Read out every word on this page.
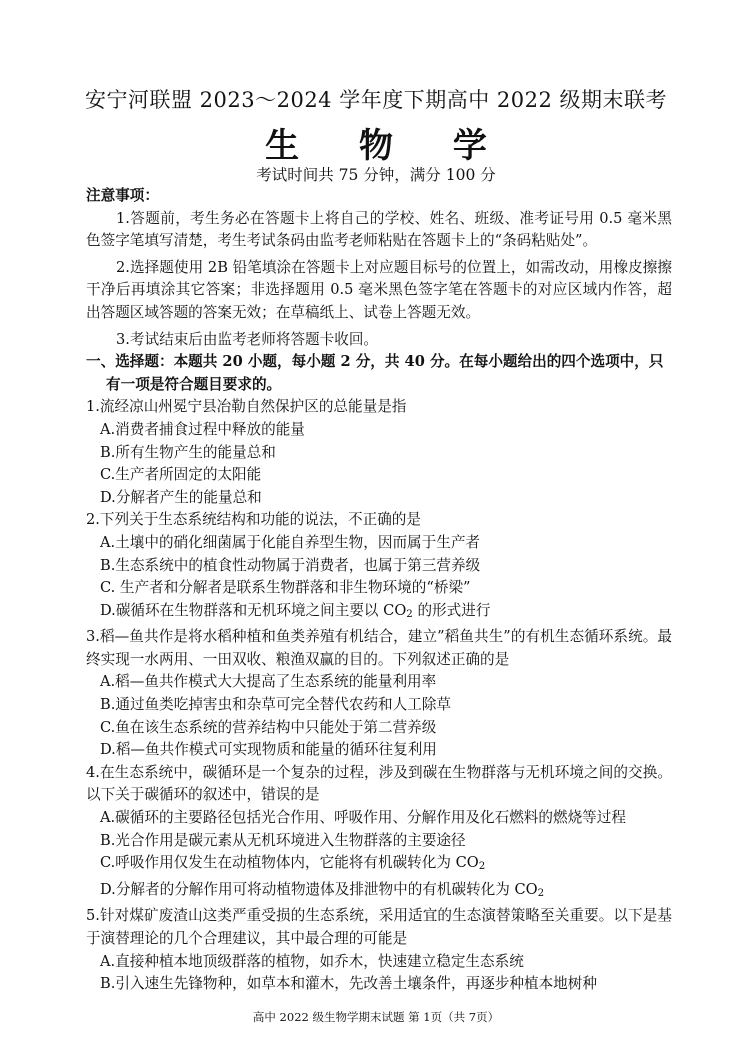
安宁河联盟 2023～2024 学年度下期高中 2022 级期末联考
生 物 学
考试时间共 75 分钟，满分 100 分
注意事项：
1.答题前，考生务必在答题卡上将自己的学校、姓名、班级、准考证号用 0.5 毫米黑色签字笔填写清楚，考生考试条码由监考老师粘贴在答题卡上的“条码粘贴处”。
2.选择题使用 2B 铅笔填涂在答题卡上对应题目标号的位置上，如需改动，用橡皮擦擦干净后再填涂其它答案；非选择题用 0.5 毫米黑色签字笔在答题卡的对应区域内作答，超出答题区域答题的答案无效；在草稿纸上、试卷上答题无效。
3.考试结束后由监考老师将答题卡收回。
一、选择题：本题共 20 小题，每小题 2 分，共 40 分。在每小题给出的四个选项中，只有一项是符合题目要求的。
1.流经凉山州冕宁县冶勒自然保护区的总能量是指
A.消费者捕食过程中释放的能量
B.所有生物产生的能量总和
C.生产者所固定的太阳能
D.分解者产生的能量总和
2.下列关于生态系统结构和功能的说法，不正确的是
A.土壤中的硝化细菌属于化能自养型生物，因而属于生产者
B.生态系统中的植食性动物属于消费者，也属于第三营养级
C. 生产者和分解者是联系生物群落和非生物环境的“桥梁”
D.碳循环在生物群落和无机环境之间主要以 $CO_2$ 的形式进行
3.稻—鱼共作是将水稻种植和鱼类养殖有机结合，建立”稻鱼共生”的有机生态循环系统。最终实现一水两用、一田双收、粮渔双赢的目的。下列叙述正确的是
A.稻—鱼共作模式大大提高了生态系统的能量利用率
B.通过鱼类吃掉害虫和杂草可完全替代农药和人工除草
C.鱼在该生态系统的营养结构中只能处于第二营养级
D.稻—鱼共作模式可实现物质和能量的循环往复利用
4.在生态系统中，碳循环是一个复杂的过程，涉及到碳在生物群落与无机环境之间的交换。以下关于碳循环的叙述中，错误的是
A.碳循环的主要路径包括光合作用、呼吸作用、分解作用及化石燃料的燃烧等过程
B.光合作用是碳元素从无机环境进入生物群落的主要途径
C.呼吸作用仅发生在动植物体内，它能将有机碳转化为 $CO_2$
D.分解者的分解作用可将动植物遗体及排泄物中的有机碳转化为 $CO_2$
5.针对煤矿废渣山这类严重受损的生态系统，采用适宜的生态演替策略至关重要。以下是基于演替理论的几个合理建议，其中最合理的可能是
A.直接种植本地顶级群落的植物，如乔木，快速建立稳定生态系统
B.引入速生先锋物种，如草本和灌木，先改善土壤条件，再逐步种植本地树种
高中 2022 级生物学期末试题 第 1页（共 7页）
